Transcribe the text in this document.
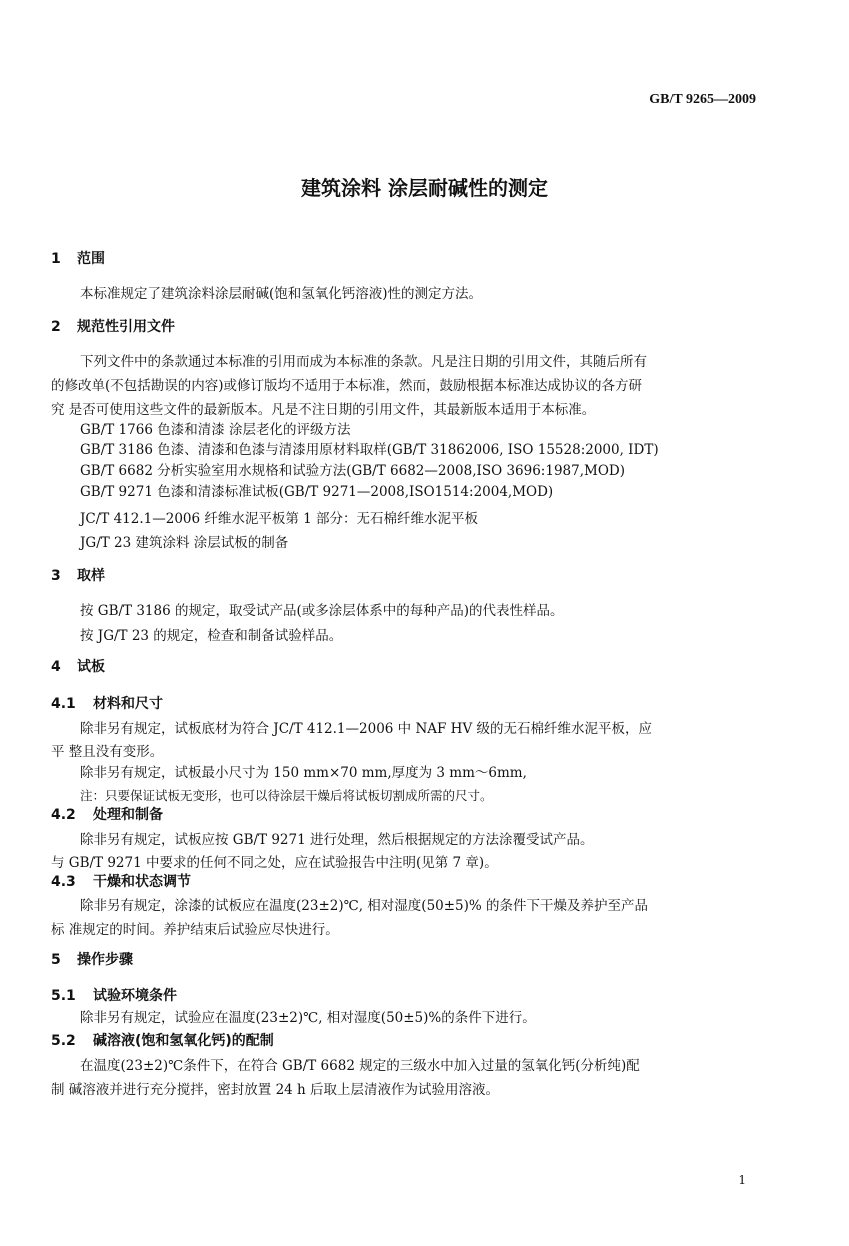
GB/T 9265—2009
建筑涂料 涂层耐碱性的测定
1 范围
本标准规定了建筑涂料涂层耐碱(饱和氢氧化钙溶液)性的测定方法。
2 规范性引用文件
下列文件中的条款通过本标准的引用而成为本标准的条款。凡是注日期的引用文件，其随后所有
的修改单(不包括勘误的内容)或修订版均不适用于本标准，然而，鼓励根据本标准达成协议的各方研
究 是否可使用这些文件的最新版本。凡是不注日期的引用文件，其最新版本适用于本标准。
GB/T 1766 色漆和清漆 涂层老化的评级方法
GB/T 3186 色漆、清漆和色漆与清漆用原材料取样(GB/T 31862006, ISO 15528:2000, IDT)
GB/T 6682 分析实验室用水规格和试验方法(GB/T 6682—2008,ISO 3696:1987,MOD)
GB/T 9271 色漆和清漆标准试板(GB/T 9271—2008,ISO1514:2004,MOD)
JC/T 412.1—2006 纤维水泥平板第 1 部分：无石棉纤维水泥平板
JG/T 23 建筑涂料 涂层试板的制备
3 取样
按 GB/T 3186 的规定，取受试产品(或多涂层体系中的每种产品)的代表性样品。
按 JG/T 23 的规定，检查和制备试验样品。
4 试板
4.1 材料和尺寸
除非另有规定，试板底材为符合 JC/T 412.1—2006 中 NAF HV 级的无石棉纤维水泥平板，应
平 整且没有变形。
除非另有规定，试板最小尺寸为 150 mm×70 mm,厚度为 3 mm～6mm,
注：只要保证试板无变形，也可以待涂层干燥后将试板切割成所需的尺寸。
4.2 处理和制备
除非另有规定，试板应按 GB/T 9271 进行处理，然后根据规定的方法涂覆受试产品。
与 GB/T 9271 中要求的任何不同之处，应在试验报告中注明(见第 7 章)。
4.3 干燥和状态调节
除非另有规定，涂漆的试板应在温度(23±2)℃, 相对湿度(50±5)% 的条件下干燥及养护至产品
标 准规定的时间。养护结束后试验应尽快进行。
5 操作步骤
5.1 试验环境条件
除非另有规定，试验应在温度(23±2)℃, 相对湿度(50±5)%的条件下进行。
5.2 碱溶液(饱和氢氧化钙)的配制
在温度(23±2)℃条件下，在符合 GB/T 6682 规定的三级水中加入过量的氢氧化钙(分析纯)配
制 碱溶液并进行充分搅拌，密封放置 24 h 后取上层清液作为试验用溶液。
1
